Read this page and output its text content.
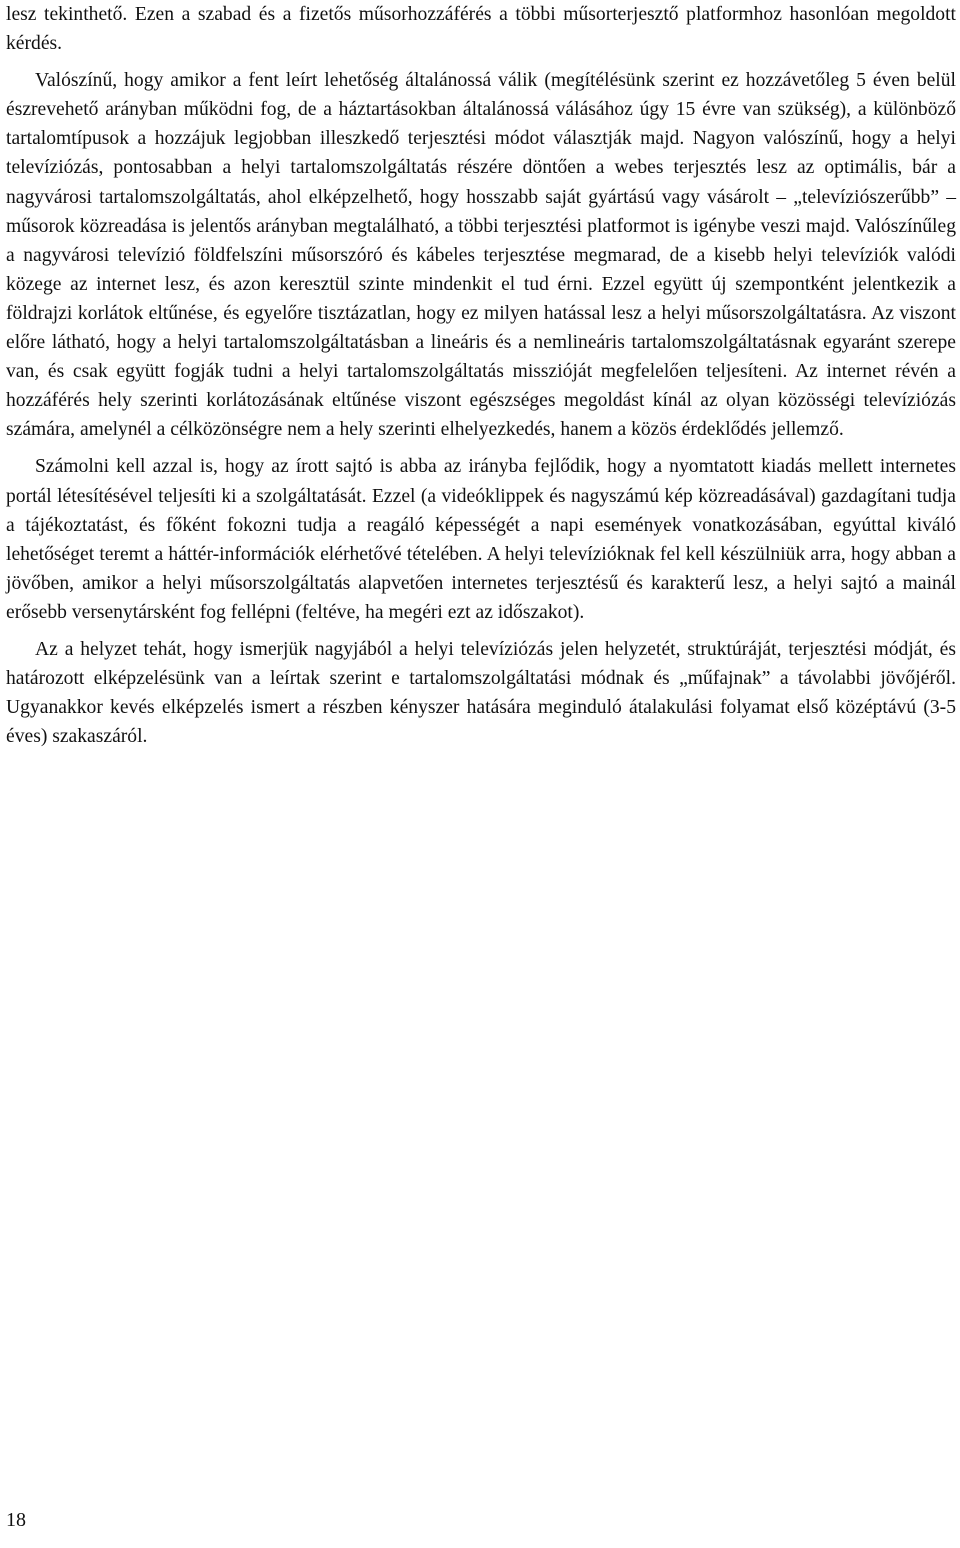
lesz tekinthető. Ezen a szabad és a fizetős műsorhozzáférés a többi műsorterjesztő platformhoz hasonlóan megoldott kérdés.

Valószínű, hogy amikor a fent leírt lehetőség általánossá válik (megítélésünk szerint ez hozzávetőleg 5 éven belül észrevehető arányban működni fog, de a háztartásokban általánossá válásához úgy 15 évre van szükség), a különböző tartalomtípusok a hozzájuk legjobban illeszkedő terjesztési módot választják majd. Nagyon valószínű, hogy a helyi televíziózás, pontosabban a helyi tartalomszolgáltatás részére döntően a webes terjesztés lesz az optimális, bár a nagyvárosi tartalomszolgáltatás, ahol elképzelhető, hogy hosszabb saját gyártású vagy vásárolt – „televíziószerűbb” – műsorok közreadása is jelentős arányban megtalálható, a többi terjesztési platformot is igénybe veszi majd. Valószínűleg a nagyvárosi televízió földfelszíni műsorszóró és kábeles terjesztése megmarad, de a kisebb helyi televíziók valódi közege az internet lesz, és azon keresztül szinte mindenkit el tud érni. Ezzel együtt új szempontként jelentkezik a földrajzi korlátok eltűnése, és egyelőre tisztázatlan, hogy ez milyen hatással lesz a helyi műsorszolgáltatásra. Az viszont előre látható, hogy a helyi tartalomszolgáltatásban a lineáris és a nemlineáris tartalomszolgáltatásnak egyaránt szerepe van, és csak együtt fogják tudni a helyi tartalomszolgáltatás misszióját megfelelően teljesíteni. Az internet révén a hozzáférés hely szerinti korlátozásának eltűnése viszont egészséges megoldást kínál az olyan közösségi televíziózás számára, amelynél a célközönségre nem a hely szerinti elhelyezkedés, hanem a közös érdeklődés jellemző.

Számolni kell azzal is, hogy az írott sajtó is abba az irányba fejlődik, hogy a nyomtatott kiadás mellett internetes portál létesítésével teljesíti ki a szolgáltatását. Ezzel (a videóklippek és nagyszámú kép közreadásával) gazdagítani tudja a tájékoztatást, és főként fokozni tudja a reagáló képességét a napi események vonatkozásában, egyúttal kiváló lehetőséget teremt a háttér-információk elérhetővé tételében. A helyi televízióknak fel kell készülniük arra, hogy abban a jövőben, amikor a helyi műsorszolgáltatás alapvetően internetes terjesztésű és karakterű lesz, a helyi sajtó a mainál erősebb versenytársként fog fellépni (feltéve, ha megéri ezt az időszakot).

Az a helyzet tehát, hogy ismerjük nagyjából a helyi televíziózás jelen helyzetét, struktúráját, terjesztési módját, és határozott elképzelésünk van a leírtak szerint e tartalomszolgáltatási módnak és „műfajnak” a távolabbi jövőjéről. Ugyanakkor kevés elképzelés ismert a részben kényszer hatására meginduló átalakulási folyamat első középtávú (3-5 éves) szakaszáról.

18
